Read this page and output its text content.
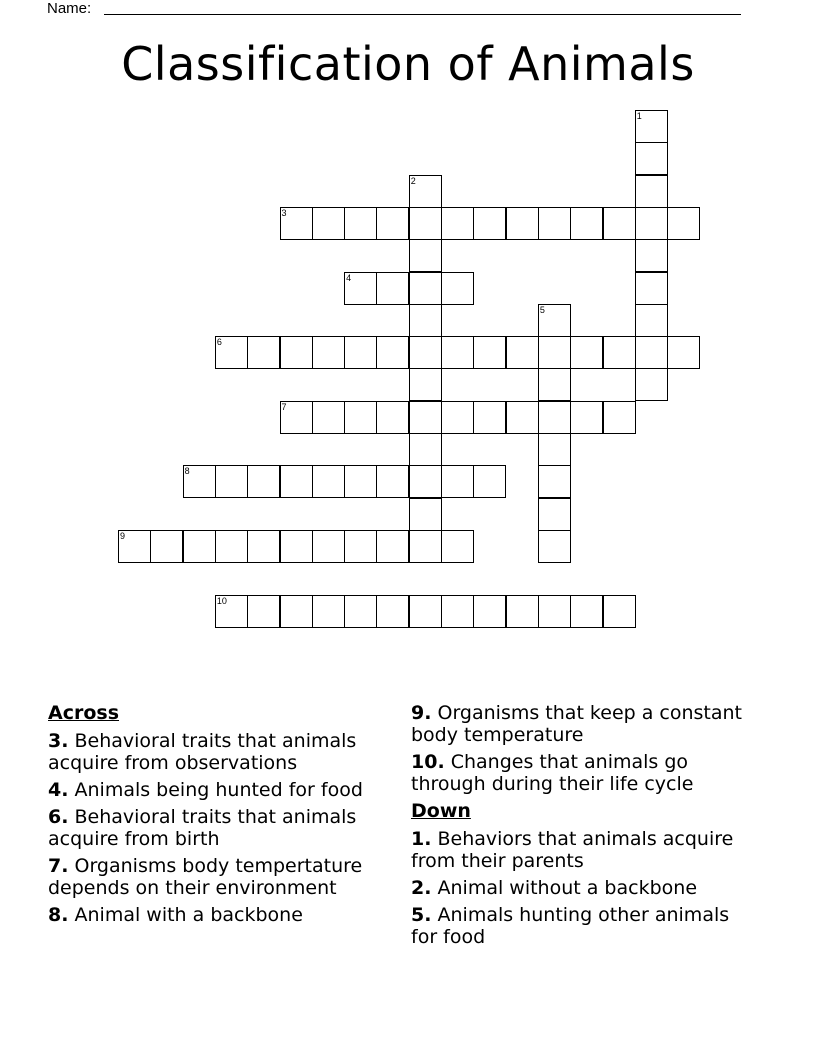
Name:
Classification of Animals
1
2
3
4
5
6
7
8
9
10
Across
3. Behavioral traits that animals acquire from observations
4. Animals being hunted for food
6. Behavioral traits that animals acquire from birth
7. Organisms body tempertature depends on their environment
8. Animal with a backbone
9. Organisms that keep a constant body temperature
10. Changes that animals go through during their life cycle
Down
1. Behaviors that animals acquire from their parents
2. Animal without a backbone
5. Animals hunting other animals for food
